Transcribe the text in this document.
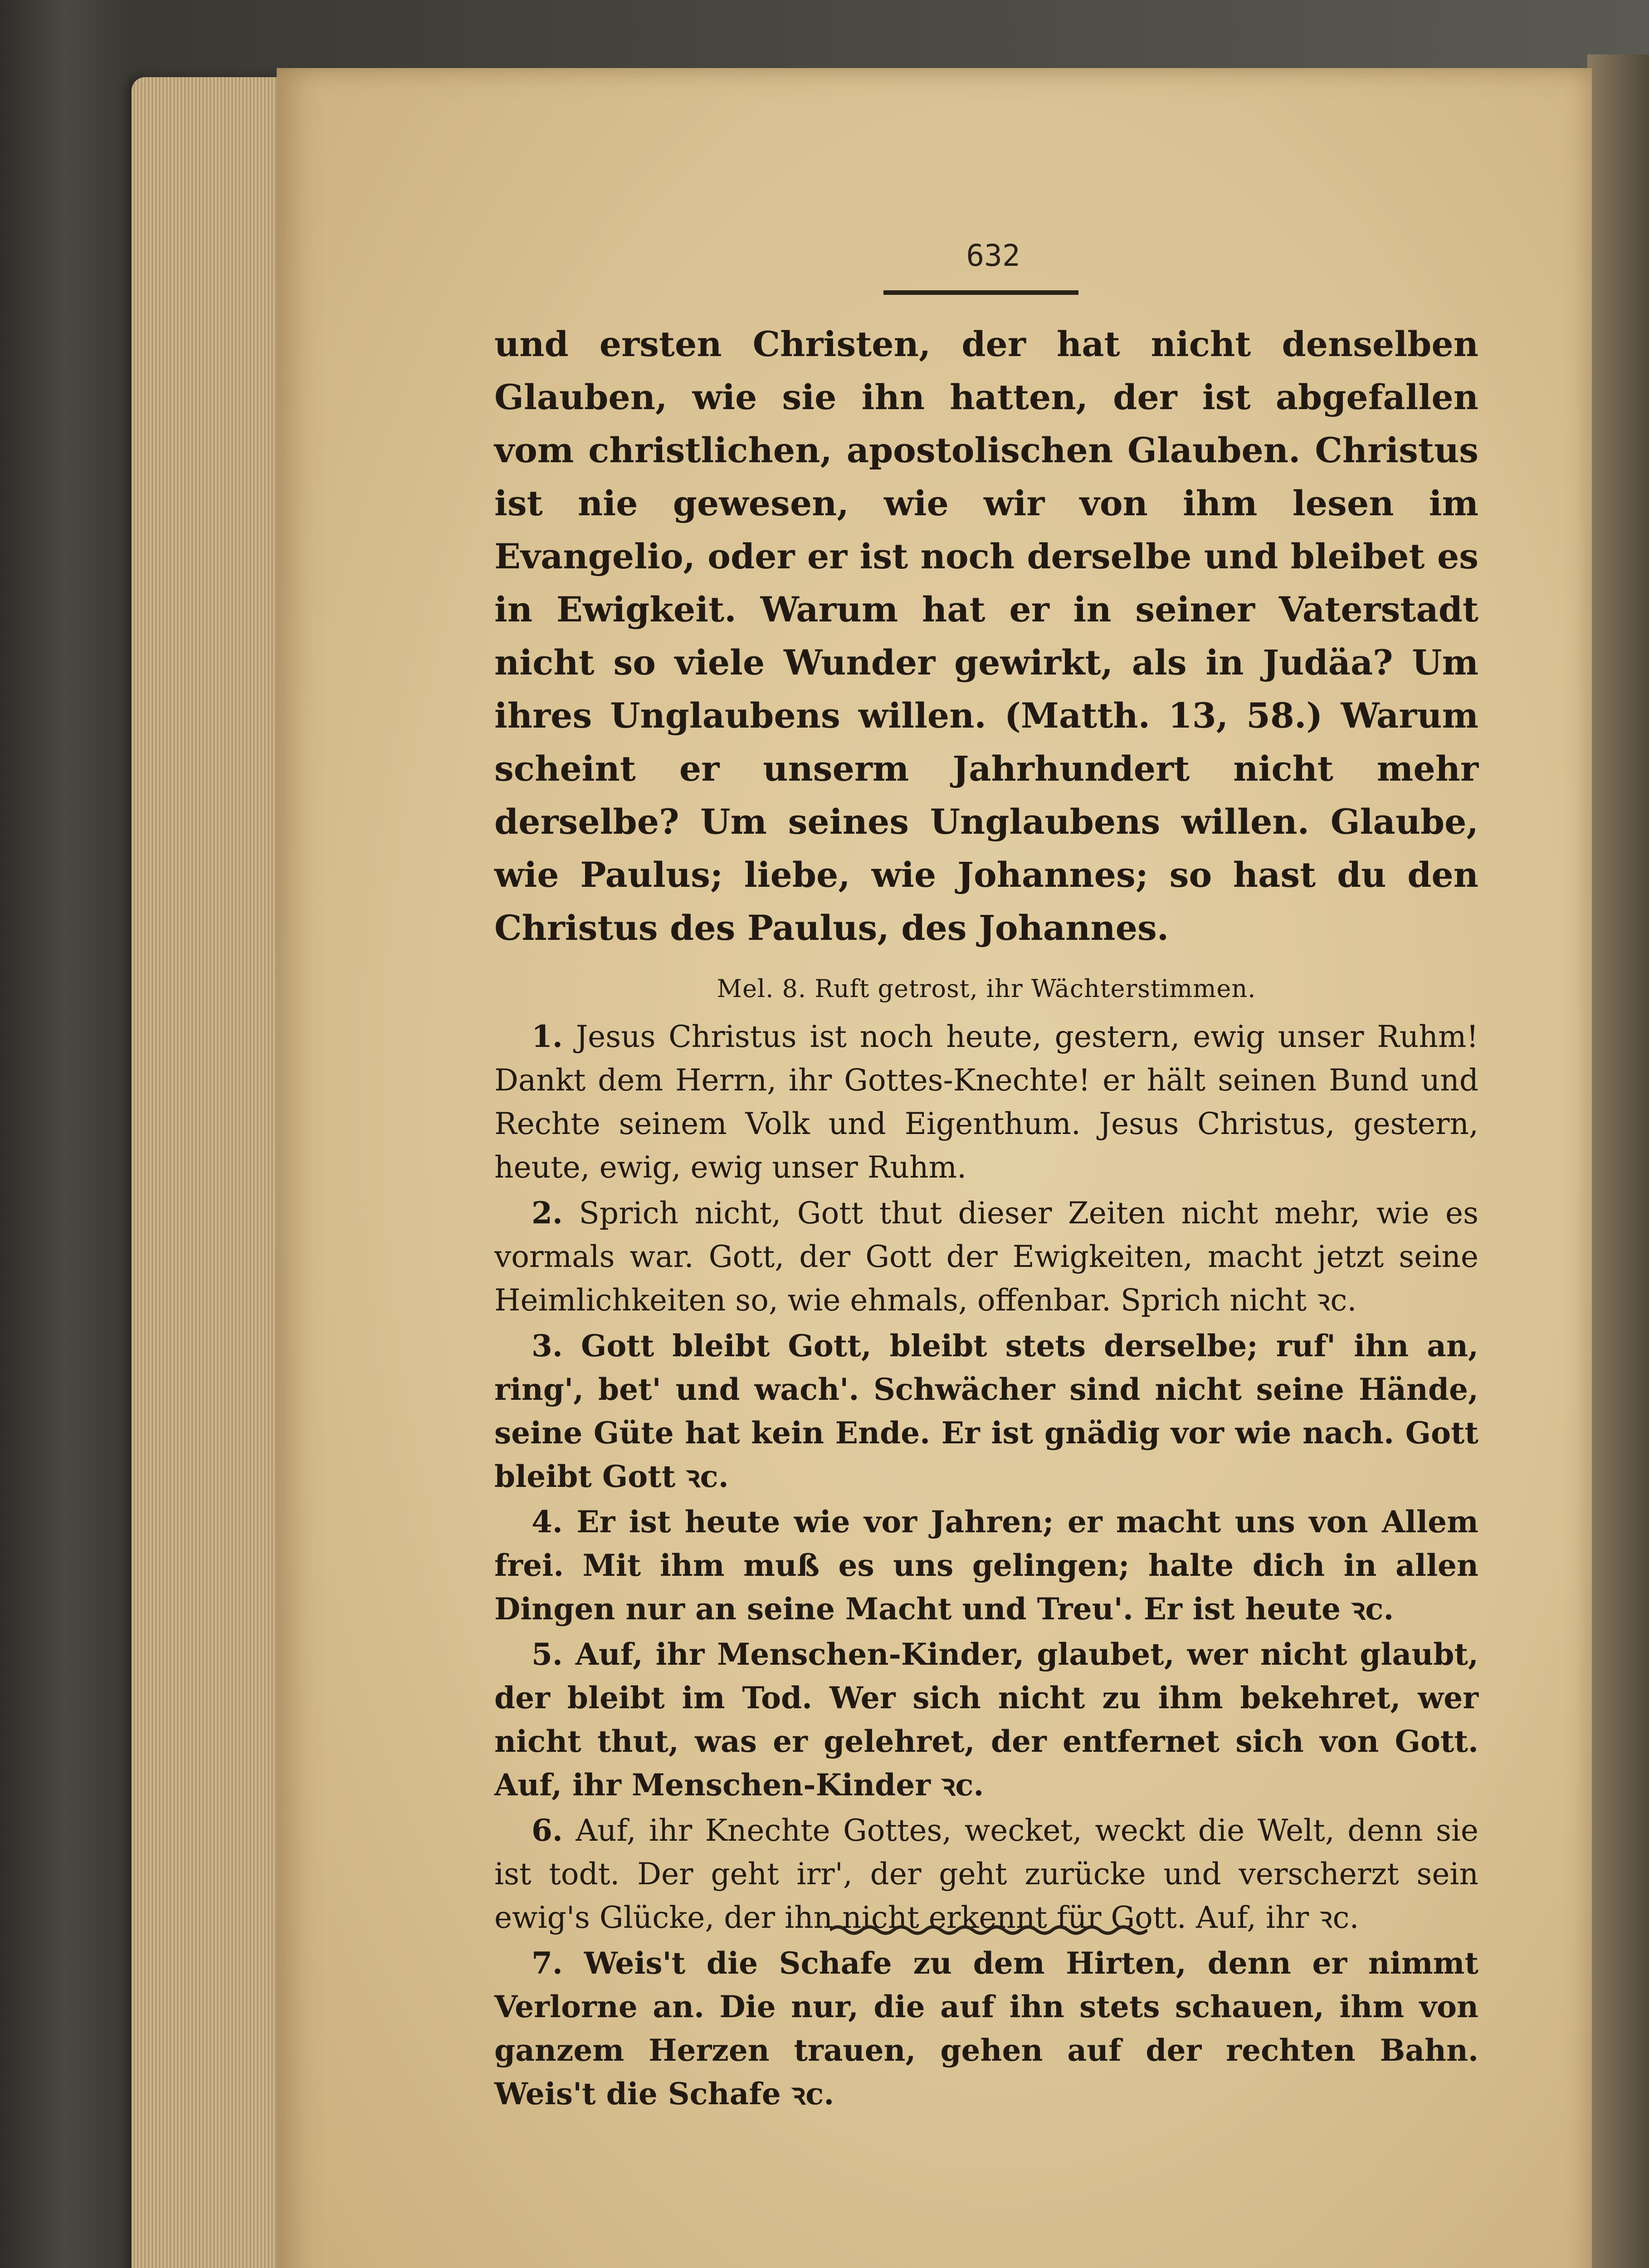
632

und ersten Christen, der hat nicht denselben Glauben, wie sie ihn hatten, der ist abgefallen vom christlichen, apostolischen Glauben. Christus ist nie gewesen, wie wir von ihm lesen im Evangelio, oder er ist noch derselbe und bleibet es in Ewigkeit. Warum hat er in seiner Vaterstadt nicht so viele Wunder gewirkt, als in Judäa? Um ihres Unglaubens willen. (Matth. 13, 58.) Warum scheint er unserm Jahrhundert nicht mehr derselbe? Um seines Unglaubens willen. Glaube, wie Paulus; liebe, wie Johannes; so hast du den Christus des Paulus, des Johannes.

Mel. 8. Ruft getrost, ihr Wächterstimmen.

1. Jesus Christus ist noch heute, gestern, ewig unser Ruhm! Dankt dem Herrn, ihr Gottes-Knechte! er hält seinen Bund und Rechte seinem Volk und Eigenthum. Jesus Christus, gestern, heute, ewig, ewig unser Ruhm.

2. Sprich nicht, Gott thut dieser Zeiten nicht mehr, wie es vormals war. Gott, der Gott der Ewigkeiten, macht jetzt seine Heimlichkeiten so, wie ehmals, offenbar. Sprich nicht ꝛc.

3. Gott bleibt Gott, bleibt stets derselbe; ruf' ihn an, ring', bet' und wach'. Schwächer sind nicht seine Hände, seine Güte hat kein Ende. Er ist gnädig vor wie nach. Gott bleibt Gott ꝛc.

4. Er ist heute wie vor Jahren; er macht uns von Allem frei. Mit ihm muß es uns gelingen; halte dich in allen Dingen nur an seine Macht und Treu'. Er ist heute ꝛc.

5. Auf, ihr Menschen-Kinder, glaubet, wer nicht glaubt, der bleibt im Tod. Wer sich nicht zu ihm bekehret, wer nicht thut, was er gelehret, der entfernet sich von Gott. Auf, ihr Menschen-Kinder ꝛc.

6. Auf, ihr Knechte Gottes, wecket, weckt die Welt, denn sie ist todt. Der geht irr', der geht zurücke und verscherzt sein ewig's Glücke, der ihn nicht erkennt für Gott. Auf, ihr ꝛc.

7. Weis't die Schafe zu dem Hirten, denn er nimmt Verlorne an. Die nur, die auf ihn stets schauen, ihm von ganzem Herzen trauen, gehen auf der rechten Bahn. Weis't die Schafe ꝛc.
